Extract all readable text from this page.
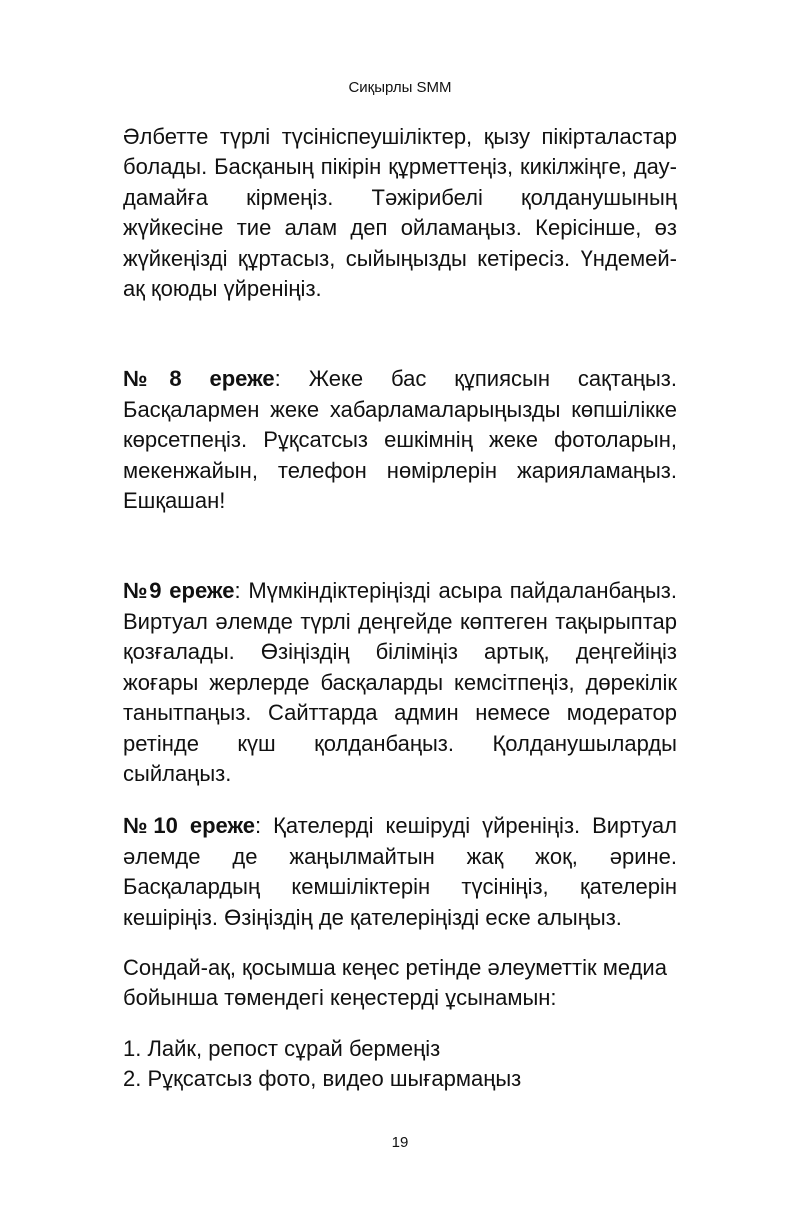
Сиқырлы SMM

Әлбетте түрлі түсініспеушіліктер, қызу пікірталастар болады. Басқаның пікірін құрметтеңіз, кикілжіңге, дау-дамайға кірмеңіз. Тәжірибелі қолданушының жүйкесіне тие алам деп ойламаңыз. Керісінше, өз жүйкеңізді құртасыз, сыйыңызды кетіресіз. Үндемей-ақ қоюды үйреніңіз.

№8 ереже: Жеке бас құпиясын сақтаңыз. Басқалармен жеке хабарламаларыңызды көпшілікке көрсетпеңіз. Рұқсатсыз ешкімнің жеке фотоларын, мекенжайын, телефон нөмірлерін жарияламаңыз. Ешқашан!

№9 ереже: Мүмкіндіктеріңізді асыра пайдаланбаңыз. Виртуал әлемде түрлі деңгейде көптеген тақырыптар қозғалады. Өзіңіздің біліміңіз артық, деңгейіңіз жоғары жерлерде басқаларды кемсітпеңіз, дөрекілік танытпаңыз. Сайттарда админ немесе модератор ретінде күш қолданбаңыз. Қолданушыларды сыйлаңыз.

№10 ереже: Қателерді кешіруді үйреніңіз. Виртуал әлемде де жаңылмайтын жақ жоқ, әрине. Басқалардың кемшіліктерін түсініңіз, қателерін кешіріңіз. Өзіңіздің де қателеріңізді еске алыңыз.

Сондай-ақ, қосымша кеңес ретінде әлеуметтік медиа бойынша төмендегі кеңестерді ұсынамын:

1. Лайк, репост сұрай бермеңіз
2. Рұқсатсыз фото, видео шығармаңыз
19
